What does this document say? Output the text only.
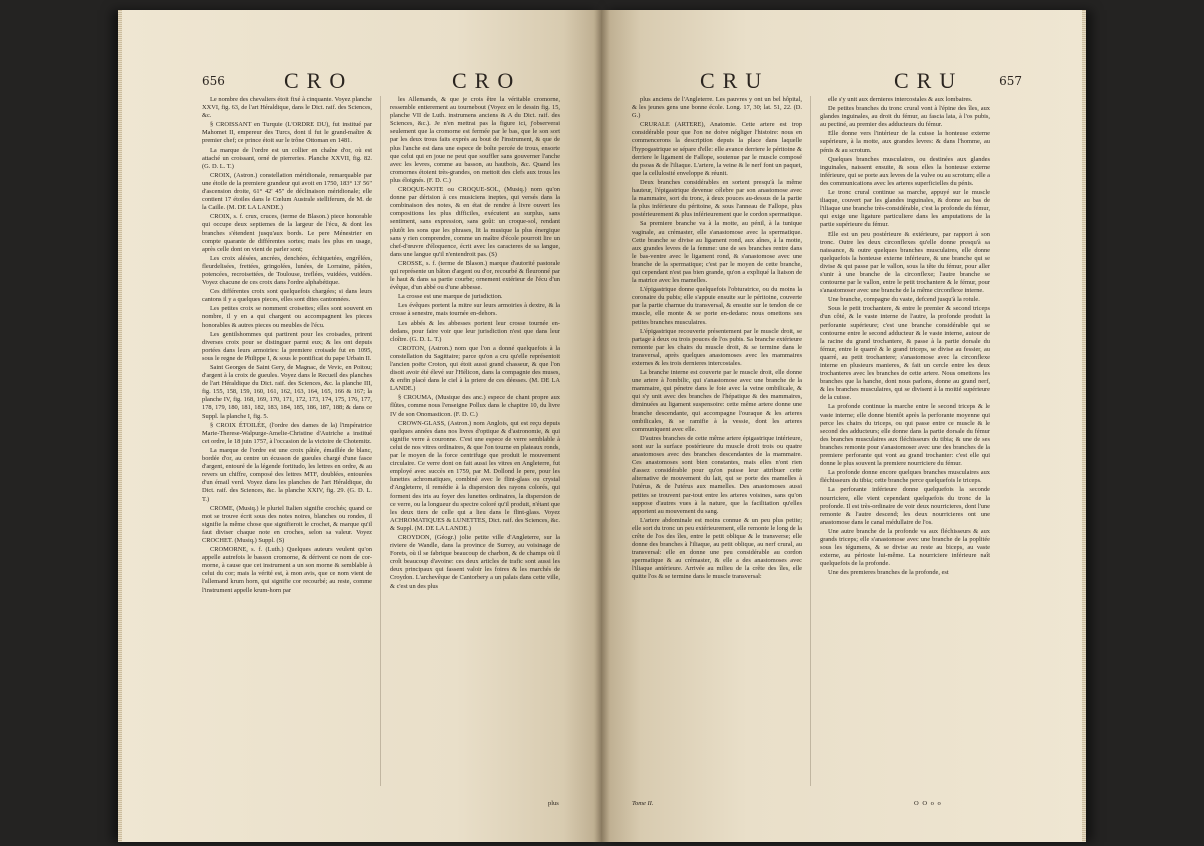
656	CRO	CRO

Le nombre des chevaliers étoit fixé à cinquante. Voyez planche XXVI, fig. 63, de l'art Héraldique, dans le Dict. raif. des Sciences, &c.

§ CROISSANT en Turquie (L'ORDRE DU), fut institué par Mahomet II, empereur des Turcs, dont il fut le grand-maître & premier chef; ce prince étoit sur le trône Ottoman en 1481.

La marque de l'ordre est un collier en chaîne d'or, où est attaché un croissant, orné de pierreries. Planche XXVII, fig. 82. (G. D. L. T.)

CROIX, (Astron.) constellation méridionale, remarquable par une étoile de la premiere grandeur qui avoit en 1750, 183° 13' 56" d'ascension droite, 61° 42' 45" de déclinaison méridionale; elle contient 17 étoiles dans le Cœlum Australe stelliferum, de M. de la Caille. (M. DE LA LANDE.)

CROIX, s. f. crux, cruces, (terme de Blason.) piece honorable qui occupe deux septiemes de la largeur de l'écu, & dont les branches s'étendent jusqu'aux bords. Le pere Ménestrier en compte quarante de différentes sortes; mais les plus en usage, après celle dont on vient de parler sont;

Les croix alésées, ancrées, denchées, échiquetées, engrêlées, fleurdelisées, frettées, gringolées, lunées, de Lorraine, pâtées, potencées, recroisettées, de Toulouse, treflées, vuidées, vuidées. Voyez chacune de ces croix dans l'ordre alphabétique.

Ces différentes croix sont quelquefois chargées; si dans leurs cantons il y a quelques pieces, elles sont dites cantonnées.

Les petites croix se nomment croisettes; elles sont souvent en nombre, il y en a qui chargent ou accompagnent les pieces honorables & autres pieces ou meubles de l'écu.

Les gentilshommes qui partirent pour les croisades, prirent diverses croix pour se distinguer parmi eux; & les ont depuis portées dans leurs armoiries: la premiere croisade fut en 1095, sous le regne de Philippe I, & sous le pontificat du pape Urbain II.

Saint Georges de Saint Gery, de Magnac, de Vevic, en Poitou; d'argent à la croix de gueules. Voyez dans le Recueil des planches de l'art Héraldique du Dict. raif. des Sciences, &c. la planche III, fig. 155, 158, 159, 160, 161, 162, 163, 164, 165, 166 & 167; la planche IV, fig. 168, 169, 170, 171, 172, 173, 174, 175, 176, 177, 178, 179, 180, 181, 182, 183, 184, 185, 186, 187, 188; & dans ce Suppl. la planche I, fig. 5.

§ CROIX ÉTOILÉE, (l'ordre des dames de la) l'impératrice Marie-Therese-Walpurge-Amelie-Christine d'Autriche a institué cet ordre, le 18 juin 1757, à l'occasion de la victoire de Chotemitz.

La marque de l'ordre est une croix pâtée, émaillée de blanc, bordée d'or, au centre un écusson de gueules chargé d'une fasce d'argent, entouré de la légende fortitudo, les lettres en ordre, & au revers un chiffre, composé des lettres MTF, doublées, entourées d'un émail verd. Voyez dans les planches de l'art Héraldique, du Dict. raif. des Sciences, &c. la planche XXIV, fig. 29. (G. D. L. T.)

CROME, (Musiq.) le pluriel Italien signifie crochés; quand ce mot se trouve écrit sous des notes noires, blanches ou rondes, il signifie la même chose que signifieroit le crochet, & marque qu'il faut diviser chaque note en croches, selon sa valeur. Voyez CROCHET. (Musiq.) Suppl. (S)

CROMORNE, s. f. (Luth.) Quelques auteurs veulent qu'on appelle autrefois le basson cromorne, & dérivent ce nom de cor-morne, à cause que cet instrument a un son morne & semblable à celui du cor; mais la vérité est, à mon avis, que ce nom vient de l'allemand krum horn, qui signifie cor recourbé; au reste, comme l'instrument appelle krum-horn par

les Allemands, & que je crois être la véritable cromorne, ressemble entierement au tournebout (Voyez en le dessin fig. 15, planche VII de Luth. instrumens anciens & A du Dict. raif. des Sciences, &c.). Je n'en mettrai pas la figure ici, j'observerai seulement que la cromorne est fermée par le bas, que le son sort par les deux trous faits exprès au bout de l'instrument, & que de plus l'anche est dans une espece de boîte percée de trous, ensorte que celui qui en joue ne peut que souffler sans gouverner l'anche avec les levres, comme au basson, au hautbois, &c. Quand les cromornes étoient très-grandes, on mettoit des clefs aux trous les plus éloignés. (F. D. C.)

CROQUE-NOTE ou CROQUE-SOL, (Musiq.) nom qu'on donne par dérision à ces musiciens ineptes, qui versés dans la combinaison des notes, & en état de rendre à livre ouvert les compositions les plus difficiles, exécutent au surplus, sans sentiment, sans expression, sans goût: un croque-sol, rendant plutôt les sons que les phrases, lit la musique la plus énergique sans y rien comprendre, comme un maître d'école pourroit lire un chef-d'œuvre d'éloquence, écrit avec les caracteres de sa langue, dans une langue qu'il n'entendroit pas. (S)

CROSSE, s. f. (terme de Blason.) marque d'autorité pastorale qui représente un bâton d'argent ou d'or, recourbé & fleuronné par le haut & dans sa partie courbe; ornement extérieur de l'écu d'un évêque, d'un abbé ou d'une abbesse.

La crosse est une marque de jurisdiction.

Les évêques portent la mitre sur leurs armoiries à dextre, & la crosse à senestre, mais tournée en-dehors.

Les abbés & les abbesses portent leur crosse tournée en-dedans, pour faire voir que leur jurisdiction n'est que dans leur cloître. (G. D. L. T.)

CROTON, (Astron.) nom que l'on a donné quelquefois à la constellation du Sagittaire; parce qu'on a cru qu'elle représentoit l'ancien poëte Croton, qui étoit aussi grand chasseur, & que l'on disoit avoir été élevé sur l'Hélicon, dans la compagnie des muses, & enfin placé dans le ciel à la priere de ces déesses. (M. DE LA LANDE.)

§ CROUMA, (Musique des anc.) espece de chant propre aux flûtes, comme nous l'enseigne Pollux dans le chapitre 10, du livre IV de son Onomasticon. (F. D. C.)

CROWN-GLASS, (Astron.) nom Anglois, qui est reçu depuis quelques années dans nos livres d'optique & d'astronomie, & qui signifie verre à couronne. C'est une espece de verre semblable à celui de nos vitres ordinaires, & que l'on tourne en plateaux ronds, par le moyen de la force centrifuge que produit le mouvement circulaire. Ce verre dont on fait aussi les vitres en Angleterre, fut employé avec succès en 1759, par M. Dollond le pere, pour les lunettes achromatiques, combiné avec le flint-glass ou crystal d'Angleterre, il remédie à la dispersion des rayons colorés, qui forment des iris au foyer des lunettes ordinaires, la dispersion de ce verre, ou la longueur du spectre coloré qu'il produit, n'étant que les deux tiers de celle qui a lieu dans le flint-glass. Voyez ACHROMATIQUES & LUNETTES, Dict. raif. des Sciences, &c. & Suppl. (M. DE LA LANDE.)

CROYDON, (Géogr.) jolie petite ville d'Angleterre, sur la riviere de Wandle, dans la province de Surrey, au voisinage de Forets, où il se fabrique beaucoup de charbon, & de champs où il croît beaucoup d'avoine: ces deux articles de trafic sont aussi les deux principaux qui fassent valoir les foires & les marchés de Croydon. L'archevêque de Cantorbery a un palais dans cette ville, & c'est un des plus

plus
CRU	CRU	657

plus anciens de l'Angleterre. Les pauvres y ont un bel hôpital, & les jeunes gens une bonne école. Long. 17, 30; lat. 51, 22. (D. G.)

CRURALE (ARTERE), Anatomie. Cette artere est trop considérable pour que l'on ne doive négliger l'histoire: nous en commencerons la description depuis la place dans laquelle l'hypogastrique se sépare d'elle: elle avance derriere le péritoine & derriere le ligament de Fallope, soutenue par le muscle composé du psoas & de l'iliaque. L'artere, la veine & le nerf font un paquet, que la cellulosité enveloppe & réunit.

Deux branches considérables en sortent presqu'à la même hauteur, l'épigastrique devenue célebre par son anastomose avec la mammaire, sort du tronc, à deux pouces au-dessus de la partie la plus inférieure du péritoine, & sous l'anneau de Fallope, plus postérieurement & plus inférieurement que le cordon spermatique.

Sa premiere branche va à la motte, au pénil, à la tunique vaginale, au crémaster, elle s'anastomose avec la spermatique. Cette branche se divise au ligament rond, aux aînes, à la motte, aux grandes levres de la femme: une de ses branches rentre dans le bas-ventre avec le ligament rond, & s'anastomose avec une branche de la spermatique; c'est par le moyen de cette branche, qui cependant n'est pas bien grande, qu'on a expliqué la liaison de la matrice avec les mamelles.

L'épigastrique donne quelquefois l'obturatrice, ou du moins la coronaire du pubis; elle s'appuie ensuite sur le péritoine, couverte par la partie charnue du transversal, & ensuite sur le tendon de ce muscle, elle monte & se porte en-dedans: nous omettons ses petites branches musculaires.

L'épigastrique recouverte présentement par le muscle droit, se partage à deux ou trois pouces de l'os pubis. Sa branche extérieure remonte par les chairs du muscle droit, & se termine dans le transversal, après quelques anastomoses avec les mammaires externes & les trois dernieres intercostales.

La branche interne est couverte par le muscle droit, elle donne une artere à l'ombilic, qui s'anastomose avec une branche de la mammaire, qui pénetre dans le foie avec la veine ombilicale, & qui s'y unit avec des branches de l'hépatique & des mammaires, diminuées au ligament suspensoire: cette même artere donne une branche descendante, qui accompagne l'ouraque & les arteres ombilicales, & se ramifie à la vessie, dont les arteres communiquent avec elle.

D'autres branches de cette même artere épigastrique intérieure, sont sur la surface postérieure du muscle droit trois ou quatre anastomoses avec des branches descendantes de la mammaire. Ces anastomoses sont bien constantes, mais elles n'ont rien d'assez considérable pour qu'on puisse leur attribuer cette alternative de mouvement du lait, qui se porte des mamelles à l'utérus, & de l'utérus aux mamelles. Des anastomoses aussi petites se trouvent par-tout entre les arteres voisines, sans qu'on suppose d'autres vues à la nature, que la facilitation qu'elles apportent au mouvement du sang.

L'artere abdominale est moins connue & un peu plus petite; elle sort du tronc un peu extérieurement, elle remonte le long de la crête de l'os des îles, entre le petit oblique & le transverse; elle donne des branches à l'iliaque, au petit oblique, au nerf crural, au transversal: elle en donne une peu considérable au cordon spermatique & au crémaster, & elle a des anastomoses avec l'iliaque antérieure. Arrivée au milieu de la crête des îles, elle quitte l'os & se termine dans le muscle transversal:

elle s'y unit aux dernieres intercostales & aux lombaires.

De petites branches du tronc crural vont à l'épine des îles, aux glandes inguinales, au droit du fémur, au fascia lata, à l'os pubis, au pectiné, au premier des adducteurs du fémur.

Elle donne vers l'intérieur de la cuisse la honteuse externe supérieure, à la motte, aux grandes levres: & dans l'homme, au pénis & au scrotum.

Quelques branches musculaires, ou destinées aux glandes inguinales, naissent ensuite, & sous elles la honteuse externe inférieure, qui se porte aux levres de la vulve ou au scrotum; elle a des communications avec les arteres superficielles du pénis.

Le tronc crural continue sa marche, appuyé sur le muscle iliaque, couvert par les glandes inguinales, & donne au bas de l'iliaque une branche très-considérable, c'est la profonde du fémur, qui exige une ligature particuliere dans les amputations de la partie supérieure du fémur.

Elle est un peu postérieure & extérieure, par rapport à son tronc. Outre les deux circonflexes qu'elle donne presqu'à sa naissance, & outre quelques branches musculaires, elle donne quelquefois la honteuse externe inférieure, & une branche qui se divise & qui passe par le vallon, sous la tête du fémur, pour aller s'unir à une branche de la circonflexe; l'autre branche se contourne par le vallon, entre le petit trochantere & le fémur, pour s'anastomoser avec une branche de la même circonflexe interne.

Une branche, compagne du vaste, defcend jusqu'à la rotule.

Sous le petit trochantere, & entre le premier & second triceps d'un côté, & le vaste interne de l'autre, la profonde produit la perforante supérieure; c'est une branche considérable qui se contourne entre le second adducteur & le vaste interne, autour de la racine du grand trochantere, & passe à la partie dorsale du fémur, entre le quarré & le grand triceps, se divise au fessier, au quarré, au petit trochantere; s'anastomose avec la circonflexe interne en plusieurs manieres, & fait un cercle entre les deux trochanteres avec les branches de cette artere. Nous omettons les branches que la hanche, dont nous parlons, donne au grand nerf, & les branches musculaires, qui se divisent à la moitié supérieure de la cuisse.

La profonde continue la marche entre le second triceps & le vaste interne; elle donne bientôt après la perforante moyenne qui perce les chairs du triceps, ou qui passe entre ce muscle & le second des adducteurs; elle donne dans la partie dorsale du fémur des branches musculaires aux fléchisseurs du tibia; & une de ses branches remonte pour s'anastomoser avec une des branches de la premiere perforante qui vont au grand trochanter: c'est elle qui donne le plus souvent la premiere nourriciere du fémur.

La profonde donne encore quelques branches musculaires aux fléchisseurs du tibia; cette branche perce quelquefois le triceps.

La perforante inférieure donne quelquefois la seconde nourriciere, elle vient cependant quelquefois du tronc de la profonde. Il est très-ordinaire de voir deux nourricieres, dont l'une remonte & l'autre descend; les deux nourricieres ont une anastomose dans le canal médullaire de l'os.

Une autre branche de la profonde va aux fléchisseurs & aux grands triceps; elle s'anastomose avec une branche de la poplitée sous les tégumens, & se divise au reste au biceps, au vaste externe, au périoste lui-même. La nourriciere inférieure naît quelquefois de la profonde.

Une des premieres branches de la profonde, est

Tome II.	O O o o
